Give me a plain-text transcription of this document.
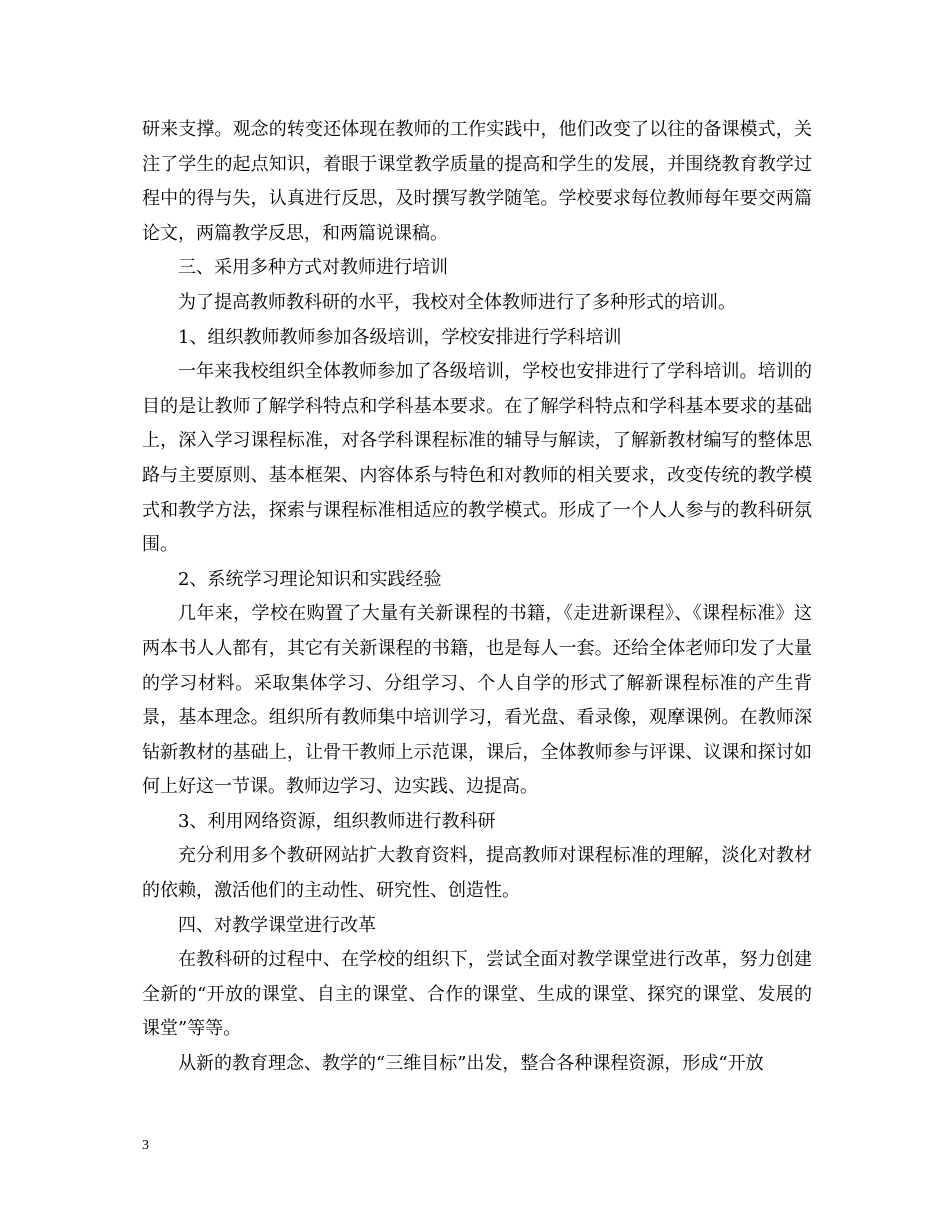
研来支撑。观念的转变还体现在教师的工作实践中，他们改变了以往的备课模式，关注了学生的起点知识，着眼于课堂教学质量的提高和学生的发展，并围绕教育教学过程中的得与失，认真进行反思，及时撰写教学随笔。学校要求每位教师每年要交两篇论文，两篇教学反思，和两篇说课稿。

三、采用多种方式对教师进行培训

为了提高教师教科研的水平，我校对全体教师进行了多种形式的培训。

1、组织教师教师参加各级培训，学校安排进行学科培训

一年来我校组织全体教师参加了各级培训，学校也安排进行了学科培训。培训的目的是让教师了解学科特点和学科基本要求。在了解学科特点和学科基本要求的基础上，深入学习课程标准，对各学科课程标准的辅导与解读，了解新教材编写的整体思路与主要原则、基本框架、内容体系与特色和对教师的相关要求，改变传统的教学模式和教学方法，探索与课程标准相适应的教学模式。形成了一个人人参与的教科研氛围。

2、系统学习理论知识和实践经验

几年来，学校在购置了大量有关新课程的书籍，《走进新课程》、《课程标准》这两本书人人都有，其它有关新课程的书籍，也是每人一套。还给全体老师印发了大量的学习材料。采取集体学习、分组学习、个人自学的形式了解新课程标准的产生背景，基本理念。组织所有教师集中培训学习，看光盘、看录像，观摩课例。在教师深钻新教材的基础上，让骨干教师上示范课，课后，全体教师参与评课、议课和探讨如何上好这一节课。教师边学习、边实践、边提高。

3、利用网络资源，组织教师进行教科研

充分利用多个教研网站扩大教育资料，提高教师对课程标准的理解，淡化对教材的依赖，激活他们的主动性、研究性、创造性。

四、对教学课堂进行改革

在教科研的过程中、在学校的组织下，尝试全面对教学课堂进行改革，努力创建全新的“开放的课堂、自主的课堂、合作的课堂、生成的课堂、探究的课堂、发展的课堂”等等。

从新的教育理念、教学的“三维目标”出发，整合各种课程资源，形成“开放

3
